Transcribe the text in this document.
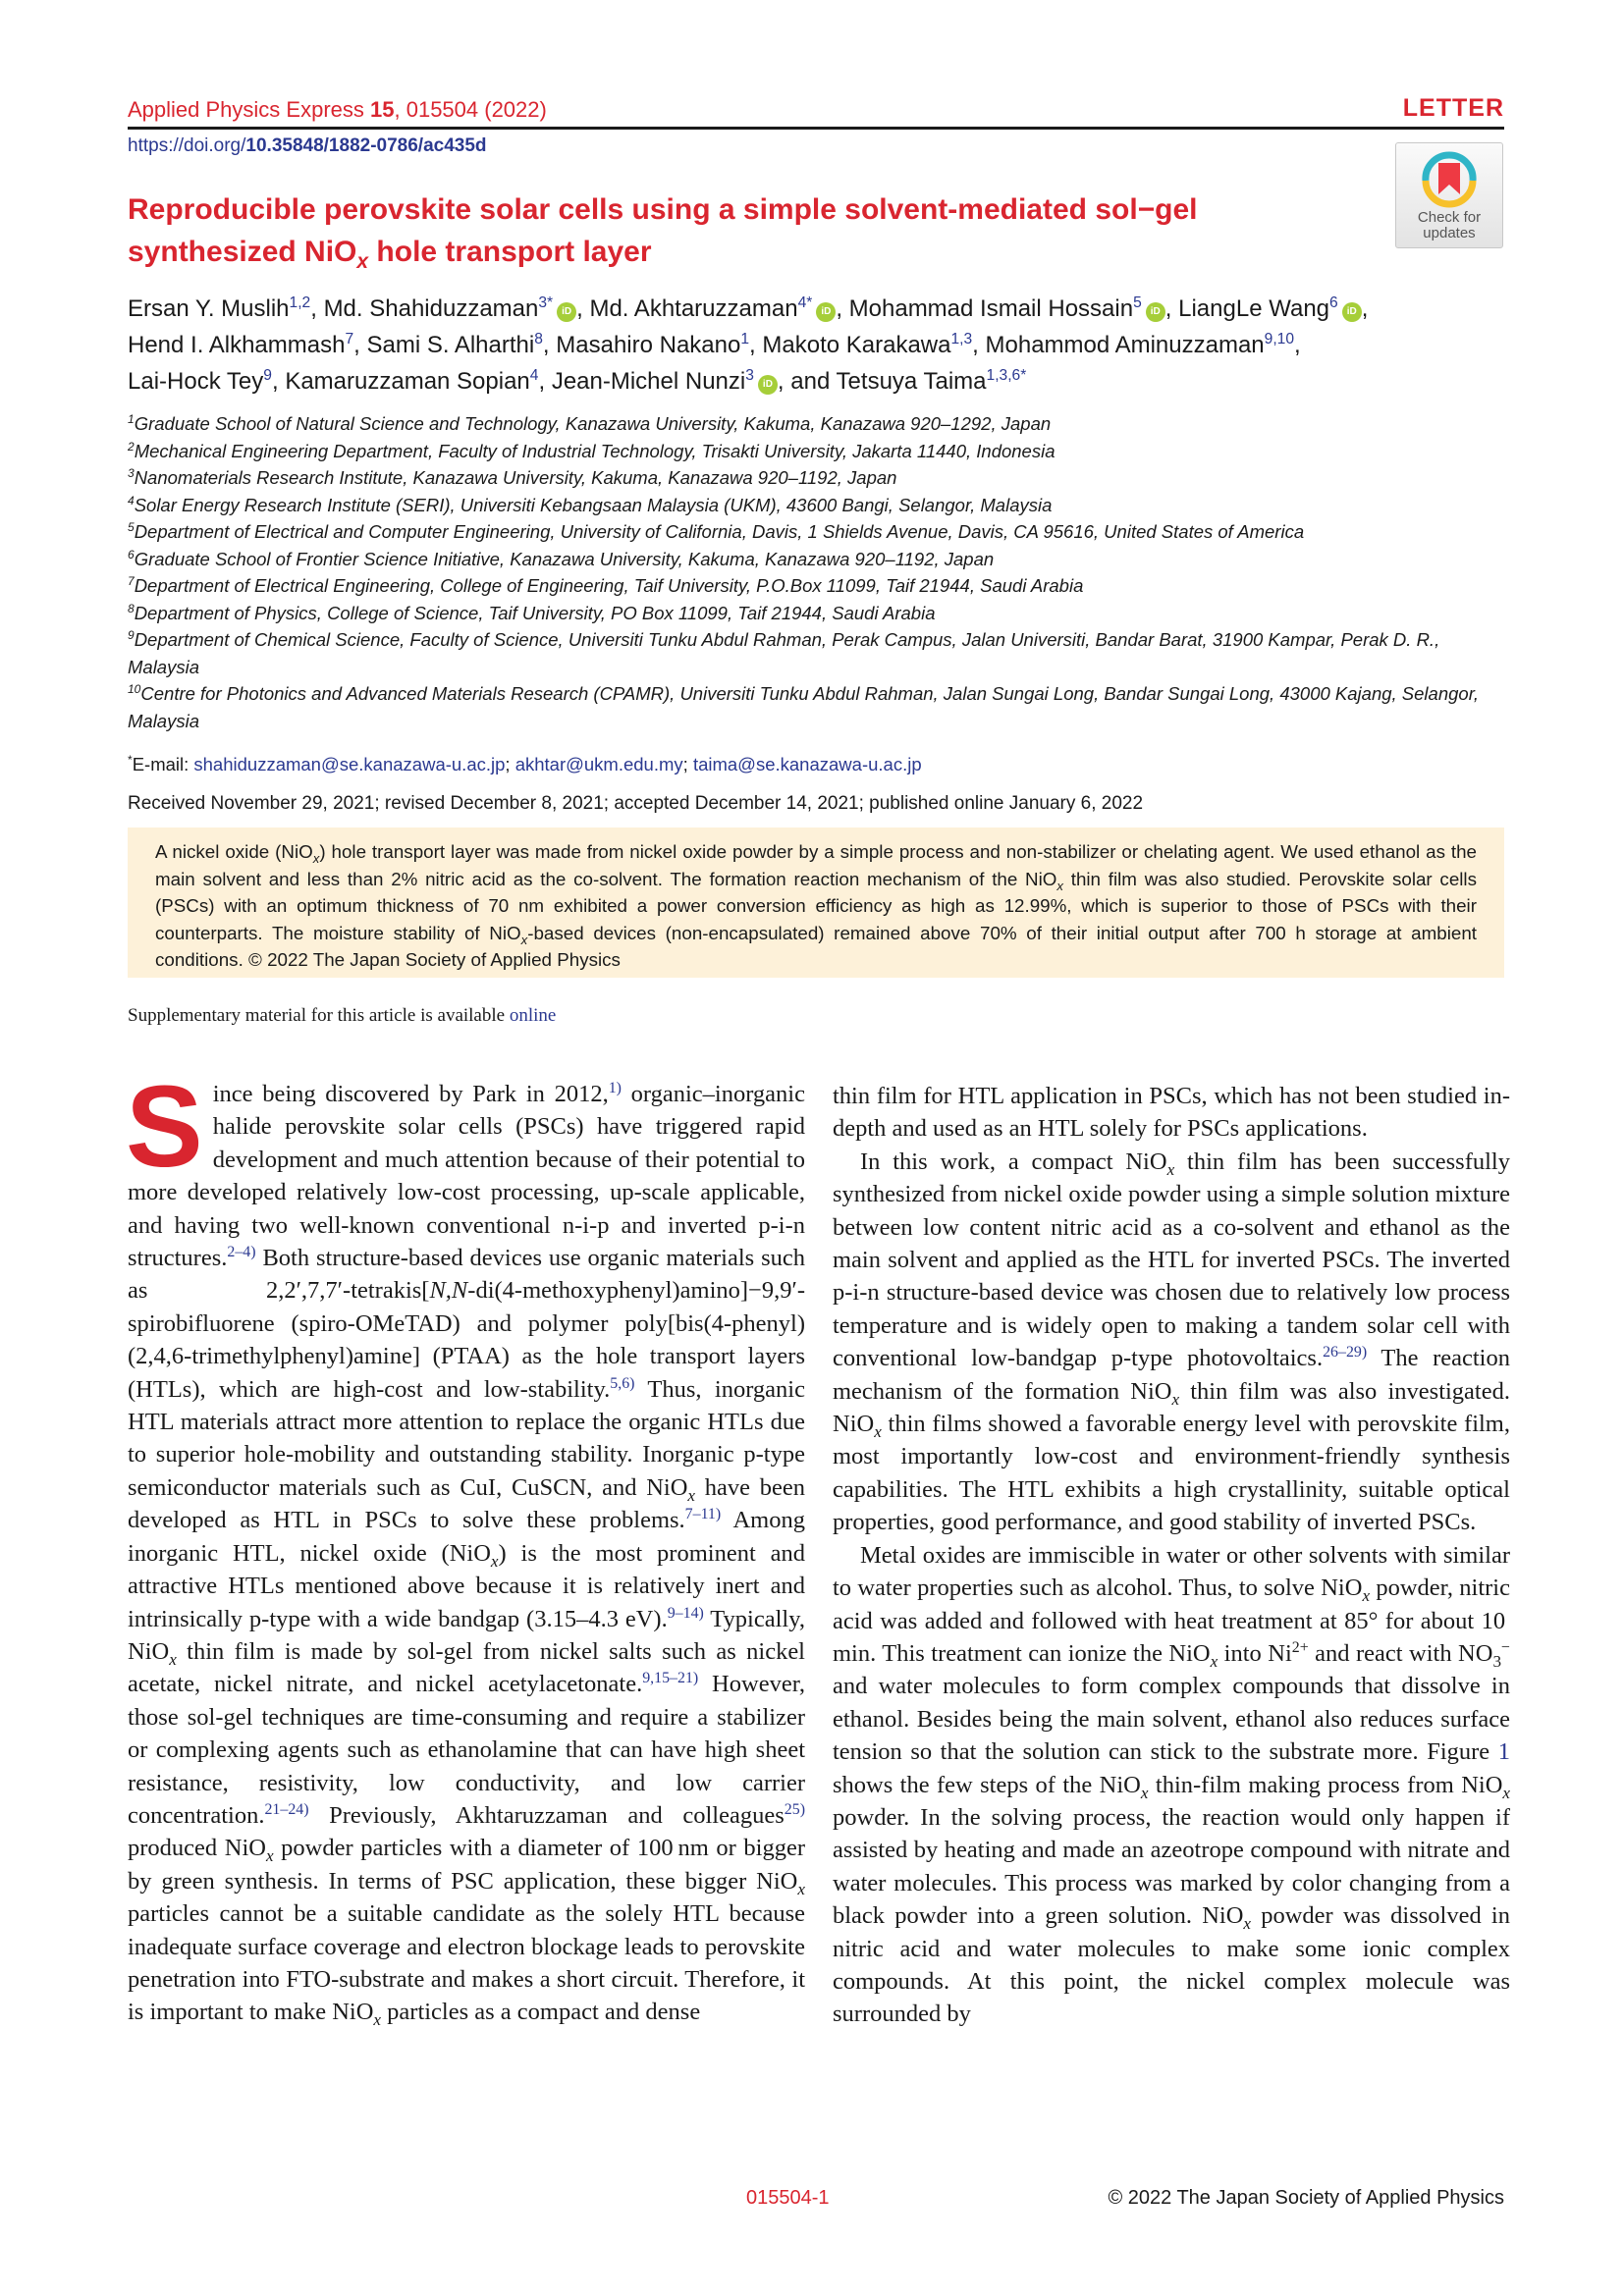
Applied Physics Express 15, 015504 (2022)	LETTER
https://doi.org/10.35848/1882-0786/ac435d
Check for
updates
Reproducible perovskite solar cells using a simple solvent-mediated sol−gel
synthesized NiO$_x$ hole transport layer
Ersan Y. Muslih$^{1,2}$, Md. Shahiduzzaman$^{3*}$iD , Md. Akhtaruzzaman$^{4*}$iD , Mohammad Ismail Hossain$^5$iD , LiangLe Wang$^6$iD ,
Hend I. Alkhammash$^7$, Sami S. Alharthi$^8$, Masahiro Nakano$^1$, Makoto Karakawa$^{1,3}$, Mohammod Aminuzzaman$^{9,10}$,
Lai-Hock Tey$^9$, Kamaruzzaman Sopian$^4$, Jean-Michel Nunzi$^3$iD , and Tetsuya Taima$^{1,3,6*}$

$^1$Graduate School of Natural Science and Technology, Kanazawa University, Kakuma, Kanazawa 920–1292, Japan

$^2$Mechanical Engineering Department, Faculty of Industrial Technology, Trisakti University, Jakarta 11440, Indonesia

$^3$Nanomaterials Research Institute, Kanazawa University, Kakuma, Kanazawa 920–1192, Japan

$^4$Solar Energy Research Institute (SERI), Universiti Kebangsaan Malaysia (UKM), 43600 Bangi, Selangor, Malaysia

$^5$Department of Electrical and Computer Engineering, University of California, Davis, 1 Shields Avenue, Davis, CA 95616, United States of America

$^6$Graduate School of Frontier Science Initiative, Kanazawa University, Kakuma, Kanazawa 920–1192, Japan

$^7$Department of Electrical Engineering, College of Engineering, Taif University, P.O.Box 11099, Taif 21944, Saudi Arabia

$^8$Department of Physics, College of Science, Taif University, PO Box 11099, Taif 21944, Saudi Arabia

$^9$Department of Chemical Science, Faculty of Science, Universiti Tunku Abdul Rahman, Perak Campus, Jalan Universiti, Bandar Barat, 31900 Kampar, Perak D. R., Malaysia

$^{10}$Centre for Photonics and Advanced Materials Research (CPAMR), Universiti Tunku Abdul Rahman, Jalan Sungai Long, Bandar Sungai Long, 43000 Kajang, Selangor, Malaysia

*E-mail: shahiduzzaman@se.kanazawa-u.ac.jp; akhtar@ukm.edu.my; taima@se.kanazawa-u.ac.jp
Received November 29, 2021; revised December 8, 2021; accepted December 14, 2021; published online January 6, 2022
A nickel oxide (NiO$_x$) hole transport layer was made from nickel oxide powder by a simple process and non-stabilizer or chelating agent. We used ethanol as the main solvent and less than 2% nitric acid as the co-solvent. The formation reaction mechanism of the NiO$_x$ thin film was also studied. Perovskite solar cells (PSCs) with an optimum thickness of 70 nm exhibited a power conversion efficiency as high as 12.99%, which is superior to those of PSCs with their counterparts. The moisture stability of NiO$_x$-based devices (non-encapsulated) remained above 70% of their initial output after 700 h storage at ambient conditions. © 2022 The Japan Society of Applied Physics
Supplementary material for this article is available online

Since being discovered by Park in 2012,$^{1)}$ organic–inorganic halide perovskite solar cells (PSCs) have triggered rapid development and much attention because of their potential to more developed relatively low-cost processing, up-scale applicable, and having two well-known conventional n-i-p and inverted p-i-n structures.$^{2-4)}$ Both structure-based devices use organic materials such as 2,2′,7,7′-tetrakis[N,N-di(4-methoxyphenyl)amino]−9,9′-spirobifluorene (spiro-OMeTAD) and polymer poly[bis(4-phenyl)(2,4,6-trimethylphenyl)amine] (PTAA) as the hole transport layers (HTLs), which are high-cost and low-stability.$^{5,6)}$ Thus, inorganic HTL materials attract more attention to replace the organic HTLs due to superior hole-mobility and outstanding stability. Inorganic p-type semiconductor materials such as CuI, CuSCN, and NiO$_x$ have been developed as HTL in PSCs to solve these problems.$^{7-11)}$ Among inorganic HTL, nickel oxide (NiO$_x$) is the most prominent and attractive HTLs mentioned above because it is relatively inert and intrinsically p-type with a wide bandgap (3.15–4.3 eV).$^{9-14)}$ Typically, NiO$_x$ thin film is made by sol-gel from nickel salts such as nickel acetate, nickel nitrate, and nickel acetylacetonate.$^{9,15-21)}$ However, those sol-gel techniques are time-consuming and require a stabilizer or complexing agents such as ethanolamine that can have high sheet resistance, resistivity, low conductivity, and low carrier concentration.$^{21-24)}$ Previously, Akhtaruzzaman and colleagues$^{25)}$ produced NiO$_x$ powder particles with a diameter of 100 nm or bigger by green synthesis. In terms of PSC application, these bigger NiO$_x$ particles cannot be a suitable candidate as the solely HTL because inadequate surface coverage and electron blockage leads to perovskite penetration into FTO-substrate and makes a short circuit. Therefore, it is important to make NiO$_x$ particles as a compact and dense

thin film for HTL application in PSCs, which has not been studied in-depth and used as an HTL solely for PSCs applications.

In this work, a compact NiO$_x$ thin film has been successfully synthesized from nickel oxide powder using a simple solution mixture between low content nitric acid as a co-solvent and ethanol as the main solvent and applied as the HTL for inverted PSCs. The inverted p-i-n structure-based device was chosen due to relatively low process temperature and is widely open to making a tandem solar cell with conventional low-bandgap p-type photovoltaics.$^{26-29)}$ The reaction mechanism of the formation NiO$_x$ thin film was also investigated. NiO$_x$ thin films showed a favorable energy level with perovskite film, most importantly low-cost and environment-friendly synthesis capabilities. The HTL exhibits a high crystallinity, suitable optical properties, good performance, and good stability of inverted PSCs.

Metal oxides are immiscible in water or other solvents with similar to water properties such as alcohol. Thus, to solve NiO$_x$ powder, nitric acid was added and followed with heat treatment at 85° for about 10 min. This treatment can ionize the NiO$_x$ into $Ni^{2+}$ and react with $NO_3^-$ and water molecules to form complex compounds that dissolve in ethanol. Besides being the main solvent, ethanol also reduces surface tension so that the solution can stick to the substrate more. Figure 1 shows the few steps of the NiO$_x$ thin-film making process from NiO$_x$ powder. In the solving process, the reaction would only happen if assisted by heating and made an azeotrope compound with nitrate and water molecules. This process was marked by color changing from a black powder into a green solution. NiO$_x$ powder was dissolved in nitric acid and water molecules to make some ionic complex compounds. At this point, the nickel complex molecule was surrounded by

015504-1	© 2022 The Japan Society of Applied Physics
